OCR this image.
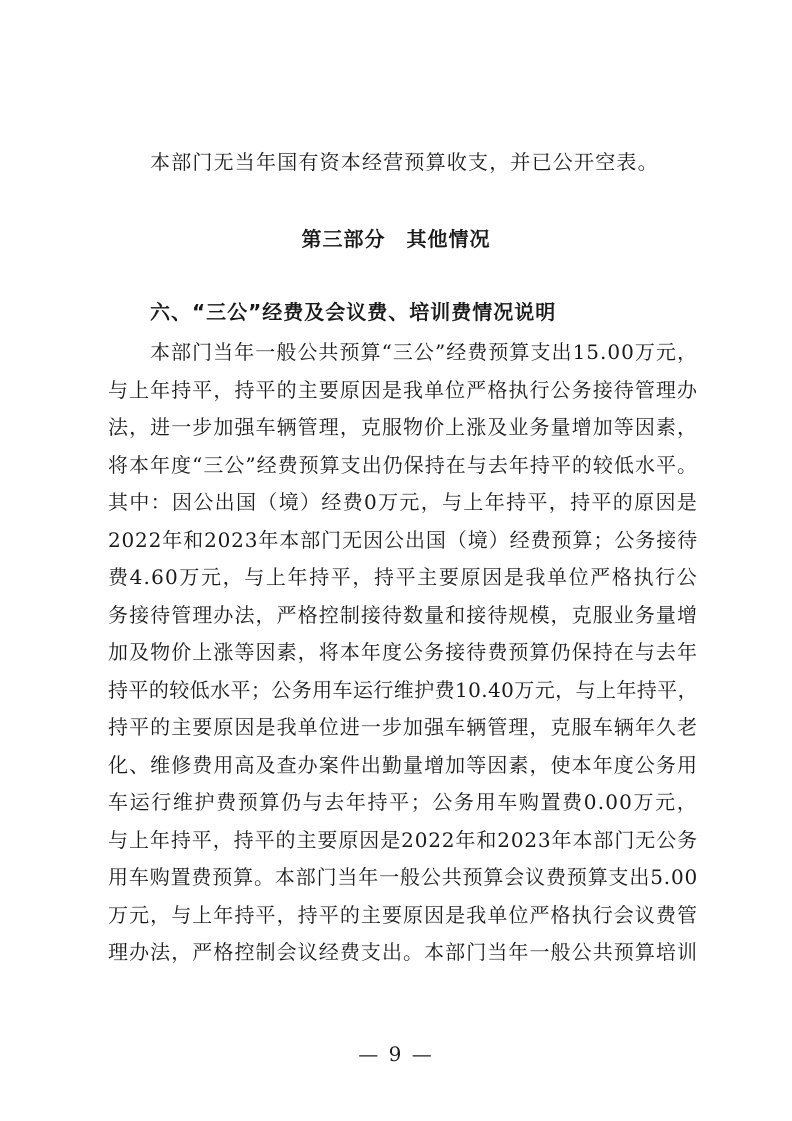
本部门无当年国有资本经营预算收支，并已公开空表。
第三部分　其他情况
六、“三公”经费及会议费、培训费情况说明
本部门当年一般公共预算“三公”经费预算支出15.00万元，
与上年持平，持平的主要原因是我单位严格执行公务接待管理办
法，进一步加强车辆管理，克服物价上涨及业务量增加等因素，
将本年度“三公”经费预算支出仍保持在与去年持平的较低水平。
其中：因公出国（境）经费0万元，与上年持平，持平的原因是
2022年和2023年本部门无因公出国（境）经费预算；公务接待
费4.60万元，与上年持平，持平主要原因是我单位严格执行公
务接待管理办法，严格控制接待数量和接待规模，克服业务量增
加及物价上涨等因素，将本年度公务接待费预算仍保持在与去年
持平的较低水平；公务用车运行维护费10.40万元，与上年持平，
持平的主要原因是我单位进一步加强车辆管理，克服车辆年久老
化、维修费用高及查办案件出勤量增加等因素，使本年度公务用
车运行维护费预算仍与去年持平；公务用车购置费0.00万元，
与上年持平，持平的主要原因是2022年和2023年本部门无公务
用车购置费预算。本部门当年一般公共预算会议费预算支出5.00
万元，与上年持平，持平的主要原因是我单位严格执行会议费管
理办法，严格控制会议经费支出。本部门当年一般公共预算培训
— 9 —
